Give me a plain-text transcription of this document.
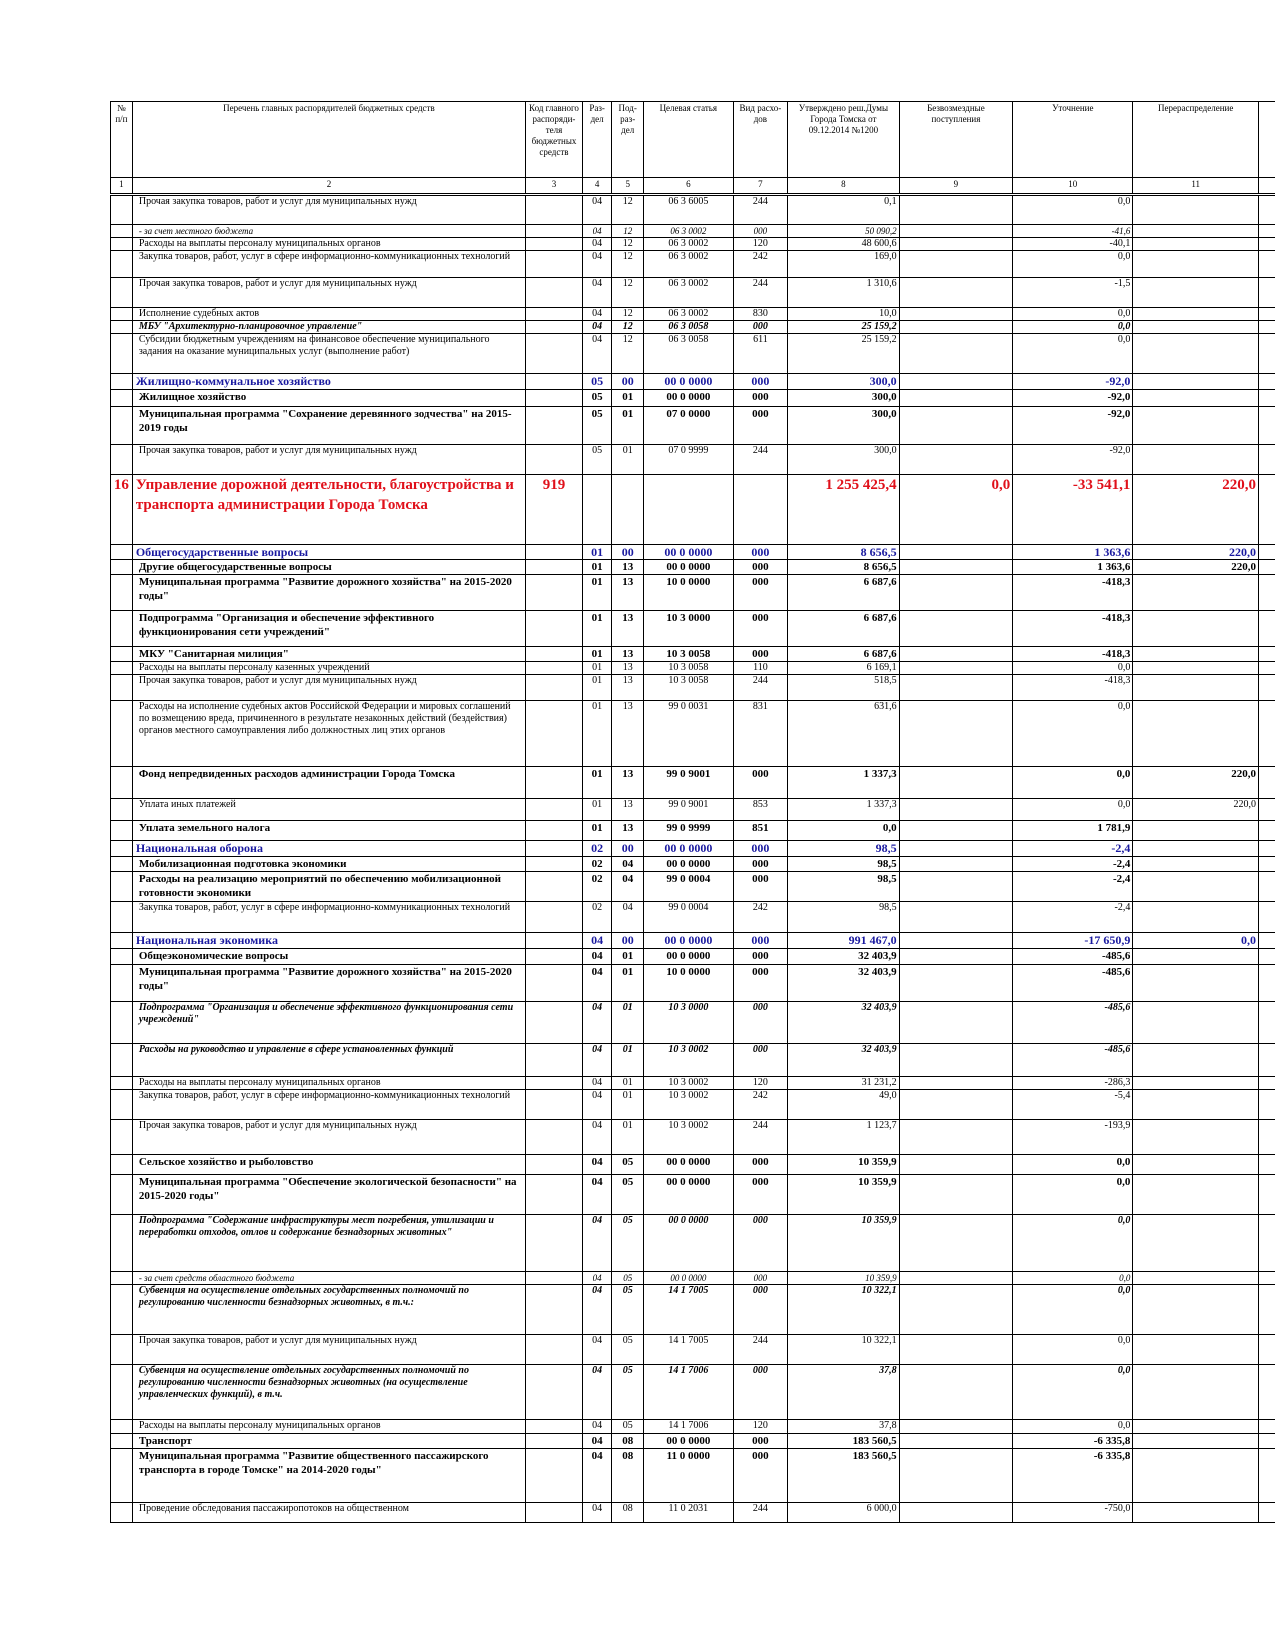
№ п/п	Перечень главных распорядителей бюджетных средств	Код главного распоряди-теля бюджетных средств	Раз-дел	Под-раз-дел	Целевая статья	Вид расхо-дов	Утверждено реш.Думы Города Томска от 09.12.2014 №1200	Безвозмездные поступления	Уточнение	Перераспределение	
1	2	3	4	5	6	7	8	9	10	11	
	Прочая закупка товаров, работ и услуг для муниципальных нужд		04	12	06 3 6005	244	0,1		0,0		
	- за счет местного бюджета		04	12	06 3 0002	000	50 090,2		-41,6		
	Расходы на выплаты персоналу муниципальных органов		04	12	06 3 0002	120	48 600,6		-40,1		
	Закупка товаров, работ, услуг в сфере информационно-коммуникационных технологий		04	12	06 3 0002	242	169,0		0,0		
	Прочая закупка товаров, работ и услуг для муниципальных нужд		04	12	06 3 0002	244	1 310,6		-1,5		
	Исполнение судебных актов		04	12	06 3 0002	830	10,0		0,0		
	МБУ "Архитектурно-планировочное управление"		04	12	06 3 0058	000	25 159,2		0,0		
	Субсидии бюджетным учреждениям на финансовое обеспечение муниципального задания на оказание муниципальных услуг (выполнение работ)		04	12	06 3 0058	611	25 159,2		0,0		
	Жилищно-коммунальное хозяйство		05	00	00 0 0000	000	300,0		-92,0		
	Жилищное хозяйство		05	01	00 0 0000	000	300,0		-92,0		
	Муниципальная программа "Сохранение деревянного зодчества" на 2015-2019 годы		05	01	07 0 0000	000	300,0		-92,0		
	Прочая закупка товаров, работ и услуг для муниципальных нужд		05	01	07 0 9999	244	300,0		-92,0		
16	Управление дорожной деятельности, благоустройства и транспорта администрации Города Томска	919					1 255 425,4	0,0	-33 541,1	220,0	
	Общегосударственные вопросы		01	00	00 0 0000	000	8 656,5		1 363,6	220,0	
	Другие общегосударственные вопросы		01	13	00 0 0000	000	8 656,5		1 363,6	220,0	
	Муниципальная программа "Развитие дорожного хозяйства" на 2015-2020 годы"		01	13	10 0 0000	000	6 687,6		-418,3		
	Подпрограмма "Организация и обеспечение эффективного функционирования сети учреждений"		01	13	10 3 0000	000	6 687,6		-418,3		
	МКУ "Санитарная милиция"		01	13	10 3 0058	000	6 687,6		-418,3		
	Расходы на выплаты персоналу казенных учреждений		01	13	10 3 0058	110	6 169,1		0,0		
	Прочая закупка товаров, работ и услуг для муниципальных нужд		01	13	10 3 0058	244	518,5		-418,3		
	Расходы на исполнение судебных актов Российской Федерации и мировых соглашений по возмещению вреда, причиненного в результате незаконных действий (бездействия) органов местного самоуправления либо должностных лиц этих органов		01	13	99 0 0031	831	631,6		0,0		
	Фонд непредвиденных расходов администрации Города Томска		01	13	99 0 9001	000	1 337,3		0,0	220,0	
	Уплата иных платежей		01	13	99 0 9001	853	1 337,3		0,0	220,0	
	Уплата земельного налога		01	13	99 0 9999	851	0,0		1 781,9		
	Национальная оборона		02	00	00 0 0000	000	98,5		-2,4		
	Мобилизационная подготовка экономики		02	04	00 0 0000	000	98,5		-2,4		
	Расходы на реализацию мероприятий по обеспечению мобилизационной готовности экономики		02	04	99 0 0004	000	98,5		-2,4		
	Закупка товаров, работ, услуг в сфере информационно-коммуникационных технологий		02	04	99 0 0004	242	98,5		-2,4		
	Национальная экономика		04	00	00 0 0000	000	991 467,0		-17 650,9	0,0	
	Общеэкономические вопросы		04	01	00 0 0000	000	32 403,9		-485,6		
	Муниципальная программа "Развитие дорожного хозяйства" на 2015-2020 годы"		04	01	10 0 0000	000	32 403,9		-485,6		
	Подпрограмма "Организация и обеспечение эффективного функционирования сети учреждений"		04	01	10 3 0000	000	32 403,9		-485,6		
	Расходы на руководство и управление в сфере установленных функций		04	01	10 3 0002	000	32 403,9		-485,6		
	Расходы на выплаты персоналу муниципальных органов		04	01	10 3 0002	120	31 231,2		-286,3		
	Закупка товаров, работ, услуг в сфере информационно-коммуникационных технологий		04	01	10 3 0002	242	49,0		-5,4		
	Прочая закупка товаров, работ и услуг для муниципальных нужд		04	01	10 3 0002	244	1 123,7		-193,9		
	Сельское хозяйство и рыболовство		04	05	00 0 0000	000	10 359,9		0,0		
	Муниципальная программа "Обеспечение экологической безопасности" на 2015-2020 годы"		04	05	00 0 0000	000	10 359,9		0,0		
	Подпрограмма "Содержание инфраструктуры мест погребения, утилизации и переработки отходов, отлов и содержание безнадзорных животных"		04	05	00 0 0000	000	10 359,9		0,0		
	- за счет средств областного бюджета		04	05	00 0 0000	000	10 359,9		0,0		
	Субвенция на осуществление отдельных государственных полномочий по регулированию численности безнадзорных животных, в т.ч.:		04	05	14 1 7005	000	10 322,1		0,0		
	Прочая закупка товаров, работ и услуг для муниципальных нужд		04	05	14 1 7005	244	10 322,1		0,0		
	Субвенция на осуществление отдельных государственных полномочий по регулированию численности безнадзорных животных (на осуществление управленческих функций), в т.ч.		04	05	14 1 7006	000	37,8		0,0		
	Расходы на выплаты персоналу муниципальных органов		04	05	14 1 7006	120	37,8		0,0		
	Транспорт		04	08	00 0 0000	000	183 560,5		-6 335,8		
	Муниципальная программа "Развитие общественного пассажирского транспорта в городе Томске" на 2014-2020 годы"		04	08	11 0 0000	000	183 560,5		-6 335,8		
	Проведение обследования пассажиропотоков на общественном		04	08	11 0 2031	244	6 000,0		-750,0		
